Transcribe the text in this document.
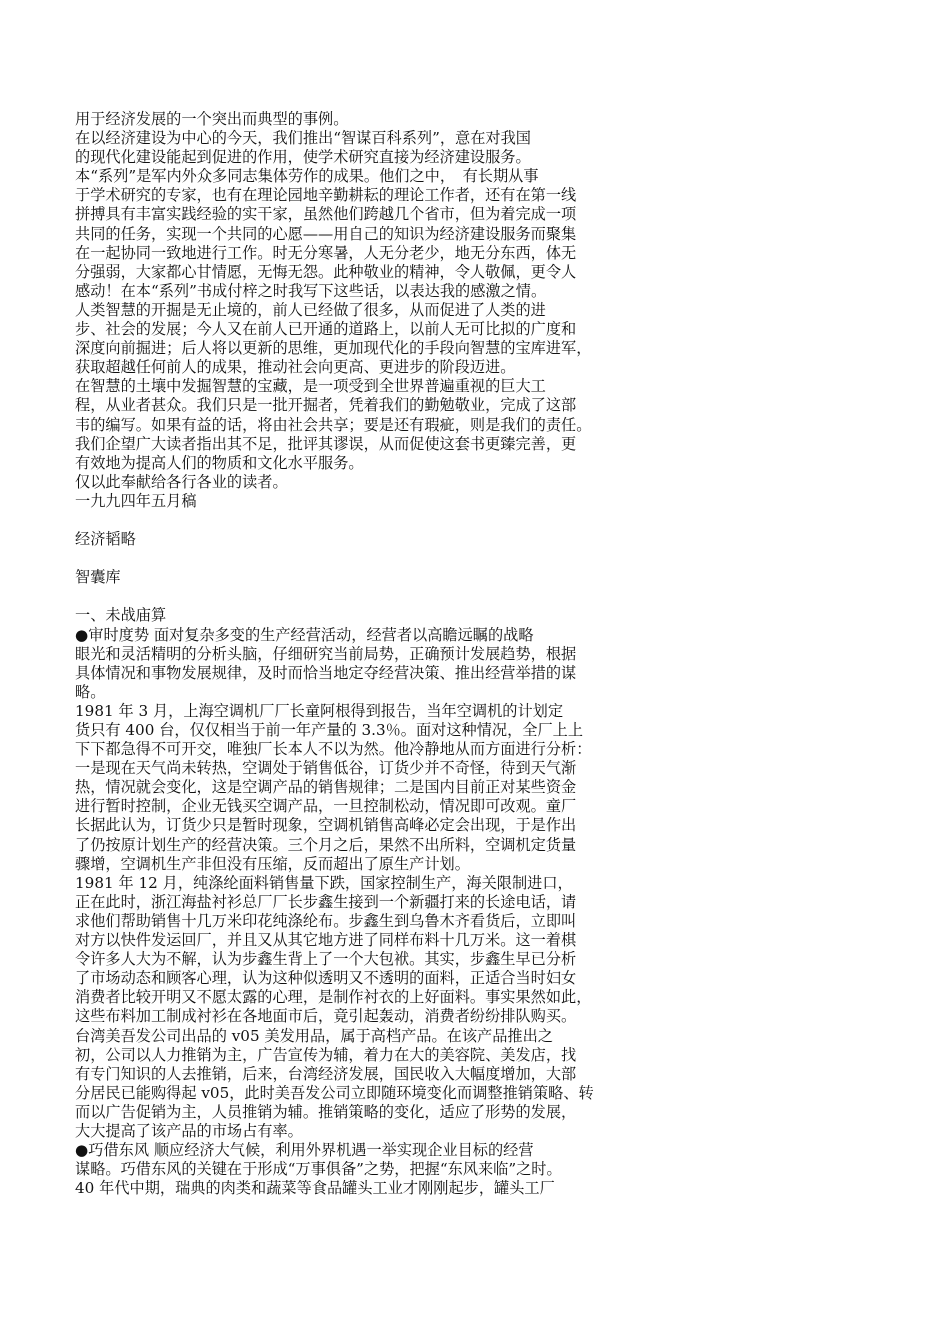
用于经济发展的一个突出而典型的事例。
在以经济建设为中心的今天，我们推出“智谋百科系列”，意在对我国
的现代化建设能起到促进的作用，使学术研究直接为经济建设服务。
本“系列”是军内外众多同志集体劳作的成果。他们之中，　有长期从事
于学术研究的专家，也有在理论园地辛勤耕耘的理论工作者，还有在第一线
拼搏具有丰富实践经验的实干家，虽然他们跨越几个省市，但为着完成一项
共同的任务，实现一个共同的心愿——用自己的知识为经济建设服务而聚集
在一起协同一致地进行工作。时无分寒暑，人无分老少，地无分东西，体无
分强弱，大家都心甘情愿，无悔无怨。此种敬业的精神，令人敬佩，更令人
感动！在本“系列”书成付梓之时我写下这些话，以表达我的感激之情。
人类智慧的开掘是无止境的，前人已经做了很多，从而促进了人类的进
步、社会的发展；今人又在前人已开通的道路上，以前人无可比拟的广度和
深度向前掘进；后人将以更新的思维，更加现代化的手段向智慧的宝库进军，
获取超越任何前人的成果，推动社会向更高、更进步的阶段迈进。
在智慧的土壤中发掘智慧的宝藏，是一项受到全世界普遍重视的巨大工
程，从业者甚众。我们只是一批开掘者，凭着我们的勤勉敬业，完成了这部
韦的编写。如果有益的话，将由社会共享；要是还有瑕疵，则是我们的责任。
我们企望广大读者指出其不足，批评其谬误，从而促使这套书更臻完善，更
有效地为提高人们的物质和文化水平服务。
仅以此奉献给各行各业的读者。
一九九四年五月稿
经济韬略
智囊库
一、未战庙算
●审时度势 面对复杂多变的生产经营活动，经营者以高瞻远瞩的战略
眼光和灵活精明的分析头脑，仔细研究当前局势，正确预计发展趋势，根据
具体情况和事物发展规律，及时而恰当地定夺经营决策、推出经营举措的谋
略。
1981 年 3 月，上海空调机厂厂长童阿根得到报告，当年空调机的计划定
货只有 400 台，仅仅相当于前一年产量的 3.3％。面对这种情况，全厂上上
下下都急得不可开交，唯独厂长本人不以为然。他冷静地从而方面进行分析：
一是现在天气尚未转热，空调处于销售低谷，订货少并不奇怪，待到天气渐
热，情况就会变化，这是空调产品的销售规律；二是国内目前正对某些资金
进行暂时控制，企业无钱买空调产品，一旦控制松动，情况即可改观。童厂
长据此认为，订货少只是暂时现象，空调机销售高峰必定会出现，于是作出
了仍按原计划生产的经营决策。三个月之后，果然不出所料，空调机定货量
骤增，空调机生产非但没有压缩，反而超出了原生产计划。
1981 年 12 月，纯涤纶面料销售量下跌，国家控制生产，海关限制进口，
正在此时，浙江海盐衬衫总厂厂长步鑫生接到一个新疆打来的长途电话，请
求他们帮助销售十几万米印花纯涤纶布。步鑫生到乌鲁木齐看货后，立即叫
对方以快件发运回厂，并且又从其它地方进了同样布料十几万米。这一着棋
令许多人大为不解，认为步鑫生背上了一个大包袱。其实，步鑫生早已分析
了市场动态和顾客心理，认为这种似透明又不透明的面料，正适合当时妇女
消费者比较开明又不愿太露的心理，是制作衬衣的上好面料。事实果然如此，
这些布料加工制成衬衫在各地面市后，竟引起轰动，消费者纷纷排队购买。
台湾美吾发公司出品的 v05 美发用品，属于高档产品。在该产品推出之
初，公司以人力推销为主，广告宣传为辅，着力在大的美容院、美发店，找
有专门知识的人去推销，后来，台湾经济发展，国民收入大幅度增加，大部
分居民已能购得起 v05，此时美吾发公司立即随环境变化而调整推销策略、转
而以广告促销为主，人员推销为辅。推销策略的变化，适应了形势的发展，
大大提高了该产品的市场占有率。
●巧借东风 顺应经济大气候，利用外界机遇一举实现企业目标的经营
谋略。巧借东风的关键在于形成“万事俱备”之势，把握“东风来临”之时。
40 年代中期，瑞典的肉类和蔬菜等食品罐头工业才刚刚起步，罐头工厂
